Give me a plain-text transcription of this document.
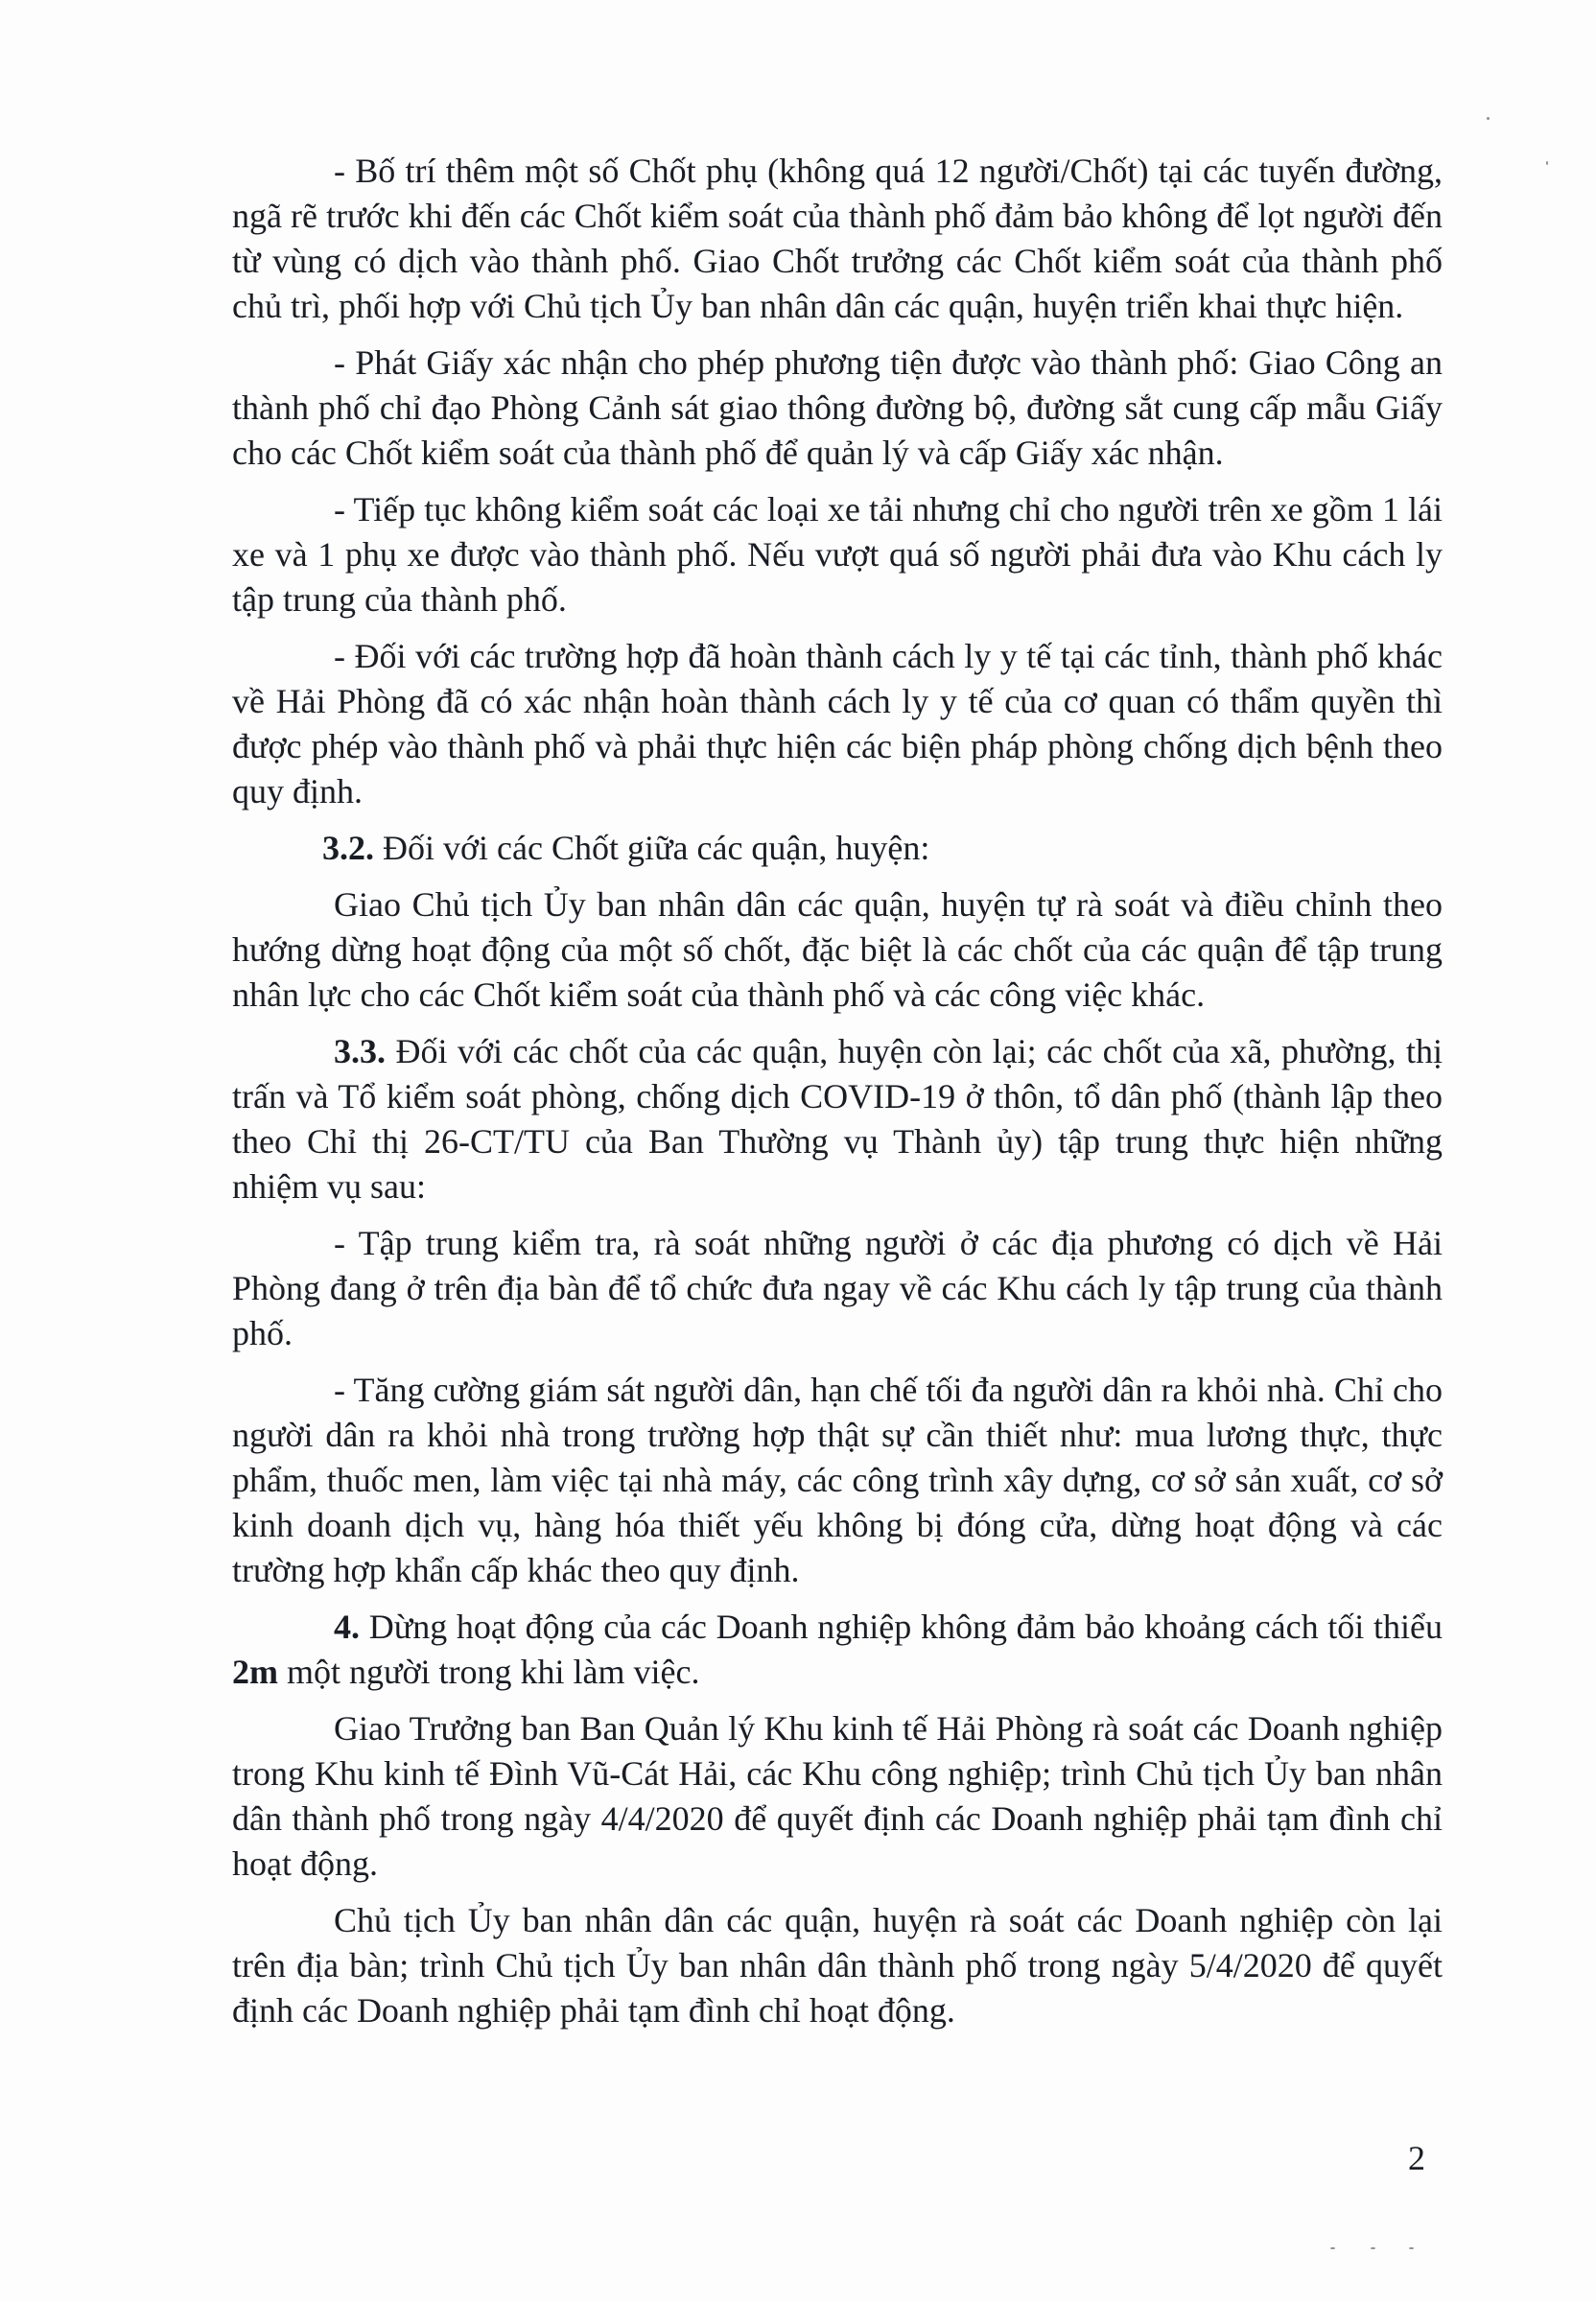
- Bố trí thêm một số Chốt phụ (không quá 12 người/Chốt) tại các tuyến đường, ngã rẽ trước khi đến các Chốt kiểm soát của thành phố đảm bảo không để lọt người đến từ vùng có dịch vào thành phố. Giao Chốt trưởng các Chốt kiểm soát của thành phố chủ trì, phối hợp với Chủ tịch Ủy ban nhân dân các quận, huyện triển khai thực hiện.

- Phát Giấy xác nhận cho phép phương tiện được vào thành phố: Giao Công an thành phố chỉ đạo Phòng Cảnh sát giao thông đường bộ, đường sắt cung cấp mẫu Giấy cho các Chốt kiểm soát của thành phố để quản lý và cấp Giấy xác nhận.

- Tiếp tục không kiểm soát các loại xe tải nhưng chỉ cho người trên xe gồm 1 lái xe và 1 phụ xe được vào thành phố. Nếu vượt quá số người phải đưa vào Khu cách ly tập trung của thành phố.

- Đối với các trường hợp đã hoàn thành cách ly y tế tại các tỉnh, thành phố khác về Hải Phòng đã có xác nhận hoàn thành cách ly y tế của cơ quan có thẩm quyền thì được phép vào thành phố và phải thực hiện các biện pháp phòng chống dịch bệnh theo quy định.

3.2. Đối với các Chốt giữa các quận, huyện:

Giao Chủ tịch Ủy ban nhân dân các quận, huyện tự rà soát và điều chỉnh theo hướng dừng hoạt động của một số chốt, đặc biệt là các chốt của các quận để tập trung nhân lực cho các Chốt kiểm soát của thành phố và các công việc khác.

3.3. Đối với các chốt của các quận, huyện còn lại; các chốt của xã, phường, thị trấn và Tổ kiểm soát phòng, chống dịch COVID-19 ở thôn, tổ dân phố (thành lập theo theo Chỉ thị 26-CT/TU của Ban Thường vụ Thành ủy) tập trung thực hiện những nhiệm vụ sau:

- Tập trung kiểm tra, rà soát những người ở các địa phương có dịch về Hải Phòng đang ở trên địa bàn để tổ chức đưa ngay về các Khu cách ly tập trung của thành phố.

- Tăng cường giám sát người dân, hạn chế tối đa người dân ra khỏi nhà. Chỉ cho người dân ra khỏi nhà trong trường hợp thật sự cần thiết như: mua lương thực, thực phẩm, thuốc men, làm việc tại nhà máy, các công trình xây dựng, cơ sở sản xuất, cơ sở kinh doanh dịch vụ, hàng hóa thiết yếu không bị đóng cửa, dừng hoạt động và các trường hợp khẩn cấp khác theo quy định.

4. Dừng hoạt động của các Doanh nghiệp không đảm bảo khoảng cách tối thiểu 2m một người trong khi làm việc.

Giao Trưởng ban Ban Quản lý Khu kinh tế Hải Phòng rà soát các Doanh nghiệp trong Khu kinh tế Đình Vũ-Cát Hải, các Khu công nghiệp; trình Chủ tịch Ủy ban nhân dân thành phố trong ngày 4/4/2020 để quyết định các Doanh nghiệp phải tạm đình chỉ hoạt động.

Chủ tịch Ủy ban nhân dân các quận, huyện rà soát các Doanh nghiệp còn lại trên địa bàn; trình Chủ tịch Ủy ban nhân dân thành phố trong ngày 5/4/2020 để quyết định các Doanh nghiệp phải tạm đình chỉ hoạt động.

2
